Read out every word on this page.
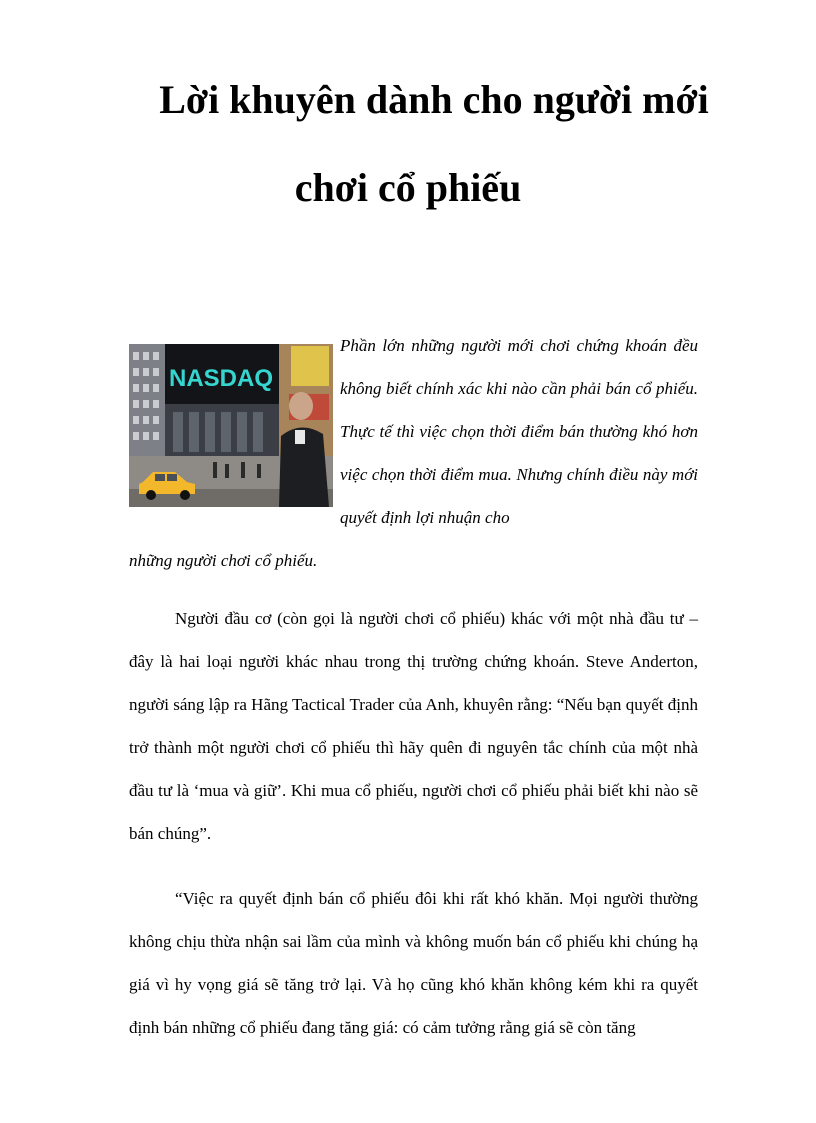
Lời khuyên dành cho người mới
chơi cổ phiếu
NASDAQ

Phần lớn những người mới chơi chứng khoán đều không biết chính xác khi nào cần phải bán cổ phiếu. Thực tế thì việc chọn thời điểm bán thường khó hơn việc chọn thời điểm mua. Nhưng chính điều này mới quyết định lợi nhuận cho

những người chơi cổ phiếu.

Người đầu cơ (còn gọi là người chơi cổ phiếu) khác với một nhà đầu tư – đây là hai loại người khác nhau trong thị trường chứng khoán. Steve Anderton, người sáng lập ra Hãng Tactical Trader của Anh, khuyên rằng: “Nếu bạn quyết định trở thành một người chơi cổ phiếu thì hãy quên đi nguyên tắc chính của một nhà đầu tư là ‘mua và giữ’. Khi mua cổ phiếu, người chơi cổ phiếu phải biết khi nào sẽ bán chúng”.

“Việc ra quyết định bán cổ phiếu đôi khi rất khó khăn. Mọi người thường không chịu thừa nhận sai lầm của mình và không muốn bán cổ phiếu khi chúng hạ giá vì hy vọng giá sẽ tăng trở lại. Và họ cũng khó khăn không kém khi ra quyết định bán những cổ phiếu đang tăng giá: có cảm tưởng rằng giá sẽ còn tăng
